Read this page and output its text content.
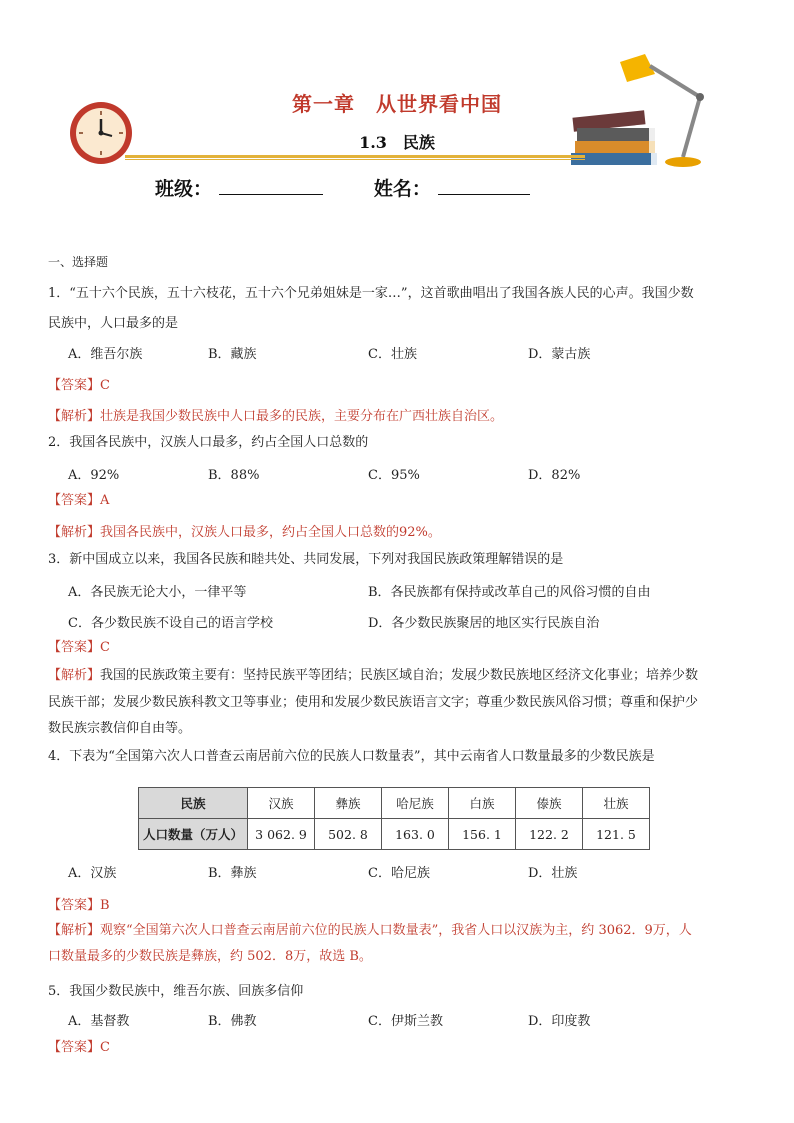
第一章　从世界看中国
1.3　民族
班级：	姓名：
一、选择题
1．“五十六个民族，五十六枝花，五十六个兄弟姐妹是一家…”，这首歌曲唱出了我国各族人民的心声。我国少数
民族中，人口最多的是
A．维吾尔族	B．藏族	C．壮族	D．蒙古族
【答案】C
【解析】壮族是我国少数民族中人口最多的民族，主要分布在广西壮族自治区。
2．我国各民族中，汉族人口最多，约占全国人口总数的
A．92%	B．88%	C．95%	D．82%
【答案】A
【解析】我国各民族中，汉族人口最多，约占全国人口总数的92%。
3．新中国成立以来，我国各民族和睦共处、共同发展，下列对我国民族政策理解错误的是
A．各民族无论大小，一律平等	B．各民族都有保持或改革自己的风俗习惯的自由
C．各少数民族不设自己的语言学校	D．各少数民族聚居的地区实行民族自治
【答案】C
【解析】我国的民族政策主要有：坚持民族平等团结；民族区域自治；发展少数民族地区经济文化事业；培养少数
民族干部；发展少数民族科教文卫等事业；使用和发展少数民族语言文字；尊重少数民族风俗习惯；尊重和保护少
数民族宗教信仰自由等。
4．下表为“全国第六次人口普查云南居前六位的民族人口数量表”，其中云南省人口数量最多的少数民族是
民族	汉族	彝族	哈尼族	白族	傣族	壮族
人口数量（万人）	3 062. 9	502. 8	163. 0	156. 1	122. 2	121. 5
A．汉族	B．彝族	C．哈尼族	D．壮族
【答案】B
【解析】观察“全国第六次人口普查云南居前六位的民族人口数量表”，我省人口以汉族为主，约 3062．9万，人
口数量最多的少数民族是彝族，约 502．8万，故选 B。
5．我国少数民族中，维吾尔族、回族多信仰
A．基督教	B．佛教	C．伊斯兰教	D．印度教
【答案】C
